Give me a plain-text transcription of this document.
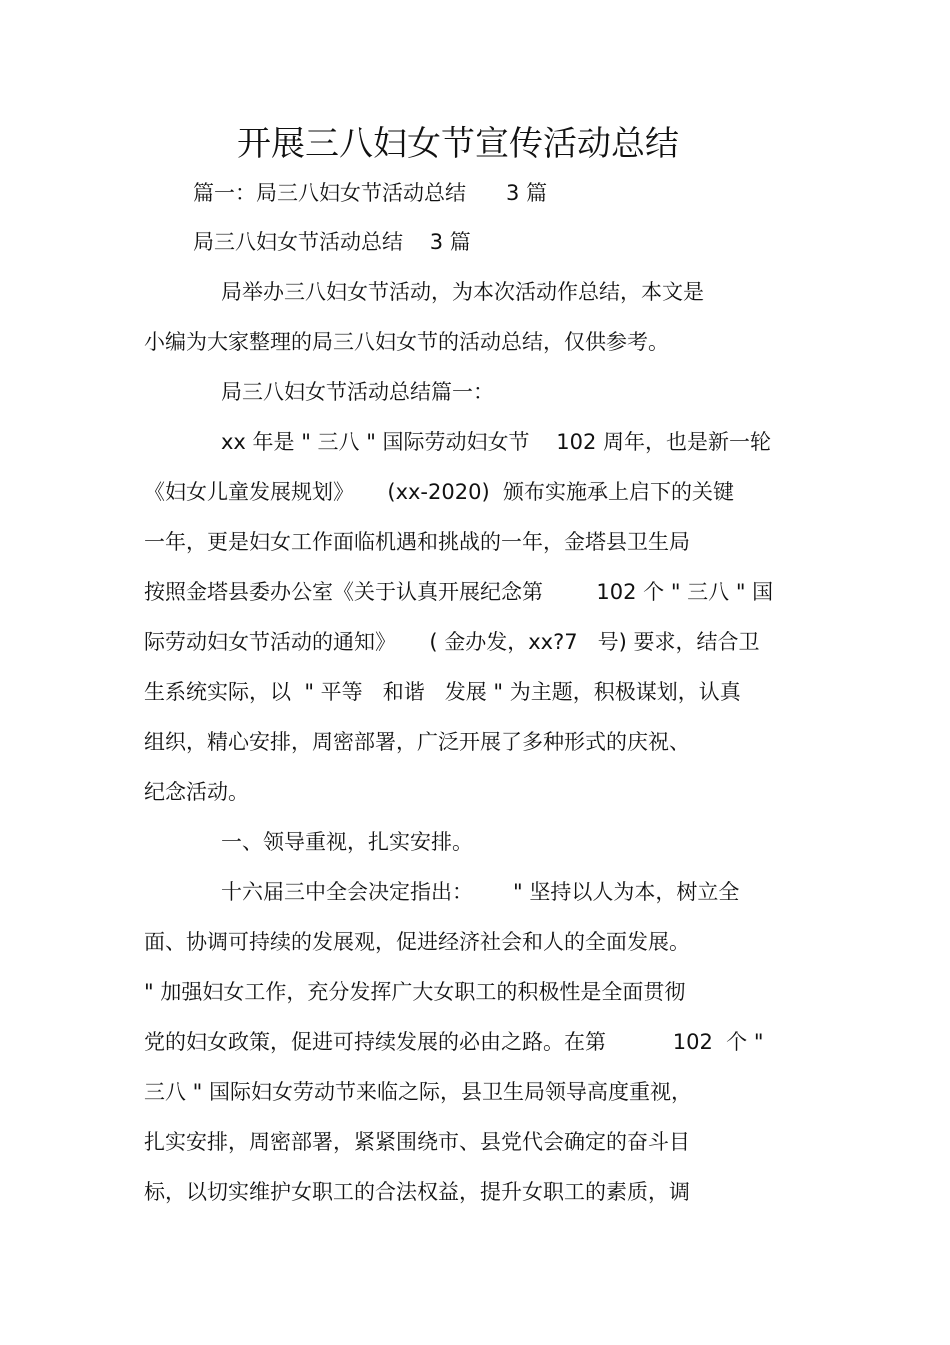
开展三八妇女节宣传活动总结

篇一：局三八妇女节活动总结      3 篇

局三八妇女节活动总结    3 篇

局举办三八妇女节活动，为本次活动作总结，本文是

小编为大家整理的局三八妇女节的活动总结，仅供参考。

局三八妇女节活动总结篇一：

xx 年是 " 三八 " 国际劳动妇女节    102 周年，也是新一轮

《妇女儿童发展规划》     (xx-2020)  颁布实施承上启下的关键

一年，更是妇女工作面临机遇和挑战的一年，金塔县卫生局

按照金塔县委办公室《关于认真开展纪念第        102 个 " 三八 " 国

际劳动妇女节活动的通知》     ( 金办发，xx?7   号) 要求，结合卫

生系统实际，以  " 平等   和谐   发展 " 为主题，积极谋划，认真

组织，精心安排，周密部署，广泛开展了多种形式的庆祝、

纪念活动。

一、领导重视，扎实安排。

十六届三中全会决定指出：      " 坚持以人为本，树立全

面、协调可持续的发展观，促进经济社会和人的全面发展。

" 加强妇女工作，充分发挥广大女职工的积极性是全面贯彻

党的妇女政策，促进可持续发展的必由之路。在第          102  个 "

三八 " 国际妇女劳动节来临之际，县卫生局领导高度重视，

扎实安排，周密部署，紧紧围绕市、县党代会确定的奋斗目

标，以切实维护女职工的合法权益，提升女职工的素质，调
